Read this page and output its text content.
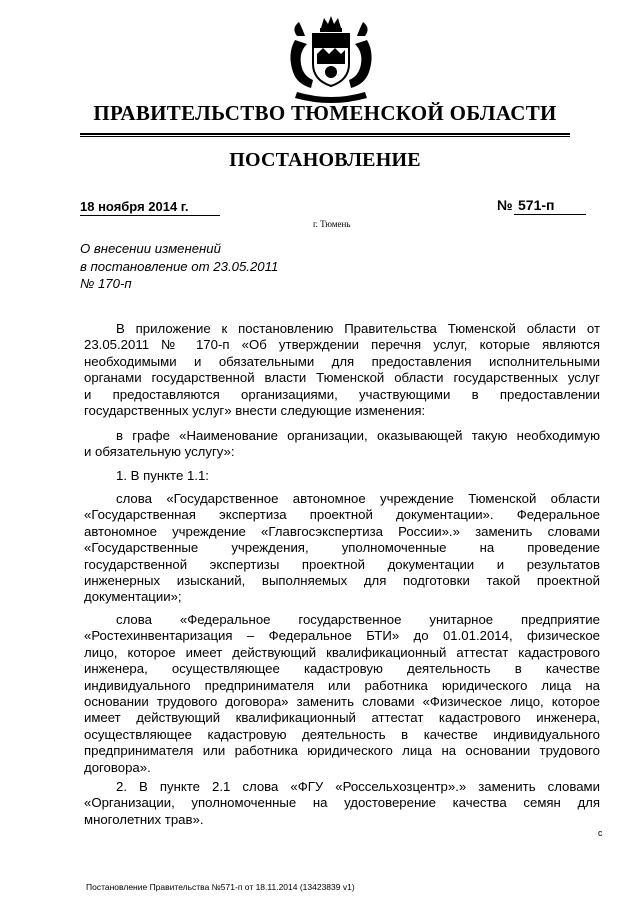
ПРАВИТЕЛЬСТВО ТЮМЕНСКОЙ ОБЛАСТИ
ПОСТАНОВЛЕНИЕ
18 ноября 2014 г.	№ 571-п
г. Тюмень
О внесении изменений
в постановление от 23.05.2011
№ 170-п
В приложение к постановлению Правительства Тюменской области от
23.05.2011 № 170-п «Об утверждении перечня услуг, которые являются
необходимыми и обязательными для предоставления исполнительными
органами государственной власти Тюменской области государственных услуг
и предоставляются организациями, участвующими в предоставлении
государственных услуг» внести следующие изменения:
в графе «Наименование организации, оказывающей такую необходимую
и обязательную услугу»:
1. В пункте 1.1:
слова «Государственное автономное учреждение Тюменской области
«Государственная экспертиза проектной документации». Федеральное
автономное учреждение «Главгосэкспертиза России».» заменить словами
«Государственные учреждения, уполномоченные на проведение
государственной экспертизы проектной документации и результатов
инженерных изысканий, выполняемых для подготовки такой проектной
документации»;
слова «Федеральное государственное унитарное предприятие
«Ростехинвентаризация – Федеральное БТИ» до 01.01.2014, физическое
лицо, которое имеет действующий квалификационный аттестат кадастрового
инженера, осуществляющее кадастровую деятельность в качестве
индивидуального предпринимателя или работника юридического лица на
основании трудового договора» заменить словами «Физическое лицо, которое
имеет действующий квалификационный аттестат кадастрового инженера,
осуществляющее кадастровую деятельность в качестве индивидуального
предпринимателя или работника юридического лица на основании трудового
договора».
2. В пункте 2.1 слова «ФГУ «Россельхозцентр».» заменить словами
«Организации, уполномоченные на удостоверение качества семян для
многолетних трав».
с
Постановление Правительства №571-п от 18.11.2014 (13423839 v1)
